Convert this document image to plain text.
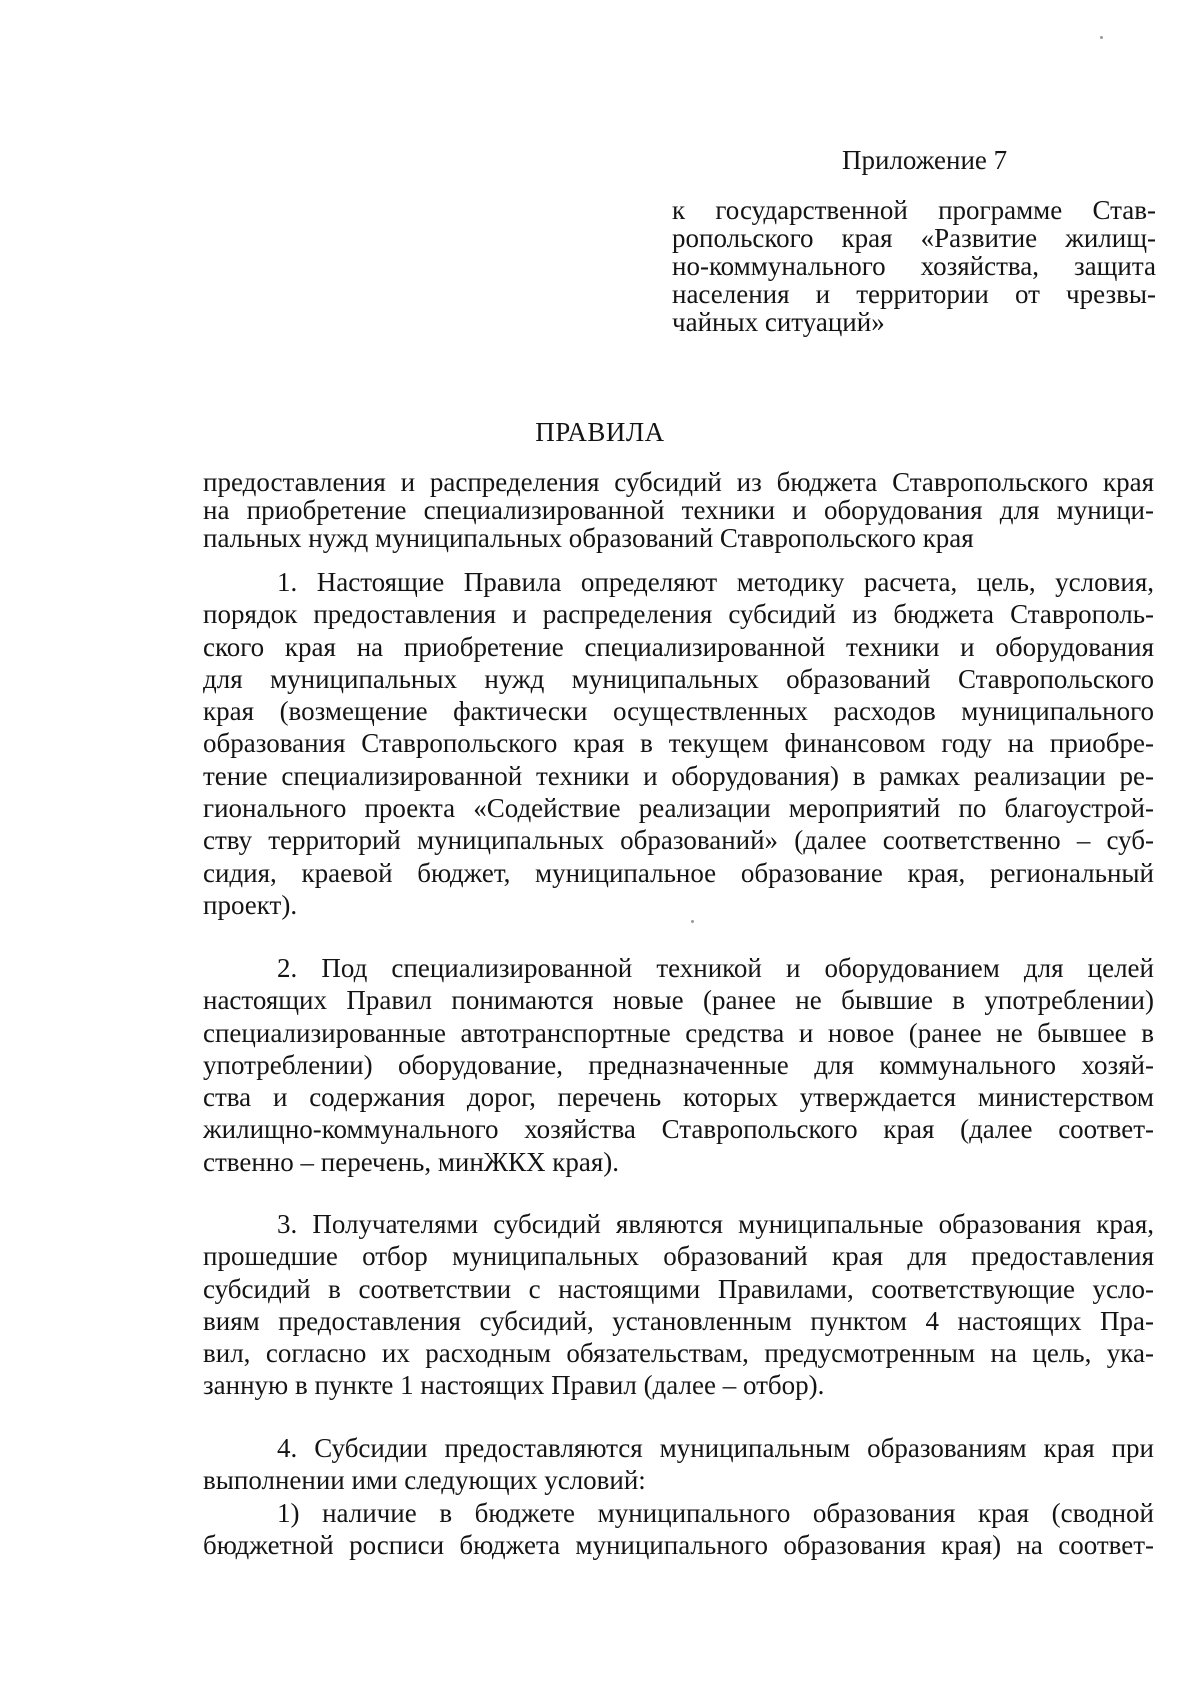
Приложение 7
к государственной программе Став-
ропольского края «Развитие жилищ-
но-коммунального хозяйства, защита
населения и территории от чрезвы-
чайных ситуаций»
ПРАВИЛА
предоставления и распределения субсидий из бюджета Ставропольского края
на приобретение специализированной техники и оборудования для муници-
пальных нужд муниципальных образований Ставропольского края
1. Настоящие Правила определяют методику расчета, цель, условия,
порядок предоставления и распределения субсидий из бюджета Ставрополь-
ского края на приобретение специализированной техники и оборудования
для муниципальных нужд муниципальных образований Ставропольского
края (возмещение фактически осуществленных расходов муниципального
образования Ставропольского края в текущем финансовом году на приобре-
тение специализированной техники и оборудования) в рамках реализации ре-
гионального проекта «Содействие реализации мероприятий по благоустрой-
ству территорий муниципальных образований» (далее соответственно – суб-
сидия, краевой бюджет, муниципальное образование края, региональный
проект).
2. Под специализированной техникой и оборудованием для целей
настоящих Правил понимаются новые (ранее не бывшие в употреблении)
специализированные автотранспортные средства и новое (ранее не бывшее в
употреблении) оборудование, предназначенные для коммунального хозяй-
ства и содержания дорог, перечень которых утверждается министерством
жилищно-коммунального хозяйства Ставропольского края (далее соответ-
ственно – перечень, минЖКХ края).
3. Получателями субсидий являются муниципальные образования края,
прошедшие отбор муниципальных образований края для предоставления
субсидий в соответствии с настоящими Правилами, соответствующие усло-
виям предоставления субсидий, установленным пунктом 4 настоящих Пра-
вил, согласно их расходным обязательствам, предусмотренным на цель, ука-
занную в пункте 1 настоящих Правил (далее – отбор).
4. Субсидии предоставляются муниципальным образованиям края при
выполнении ими следующих условий:
1) наличие в бюджете муниципального образования края (сводной
бюджетной росписи бюджета муниципального образования края) на соответ-
